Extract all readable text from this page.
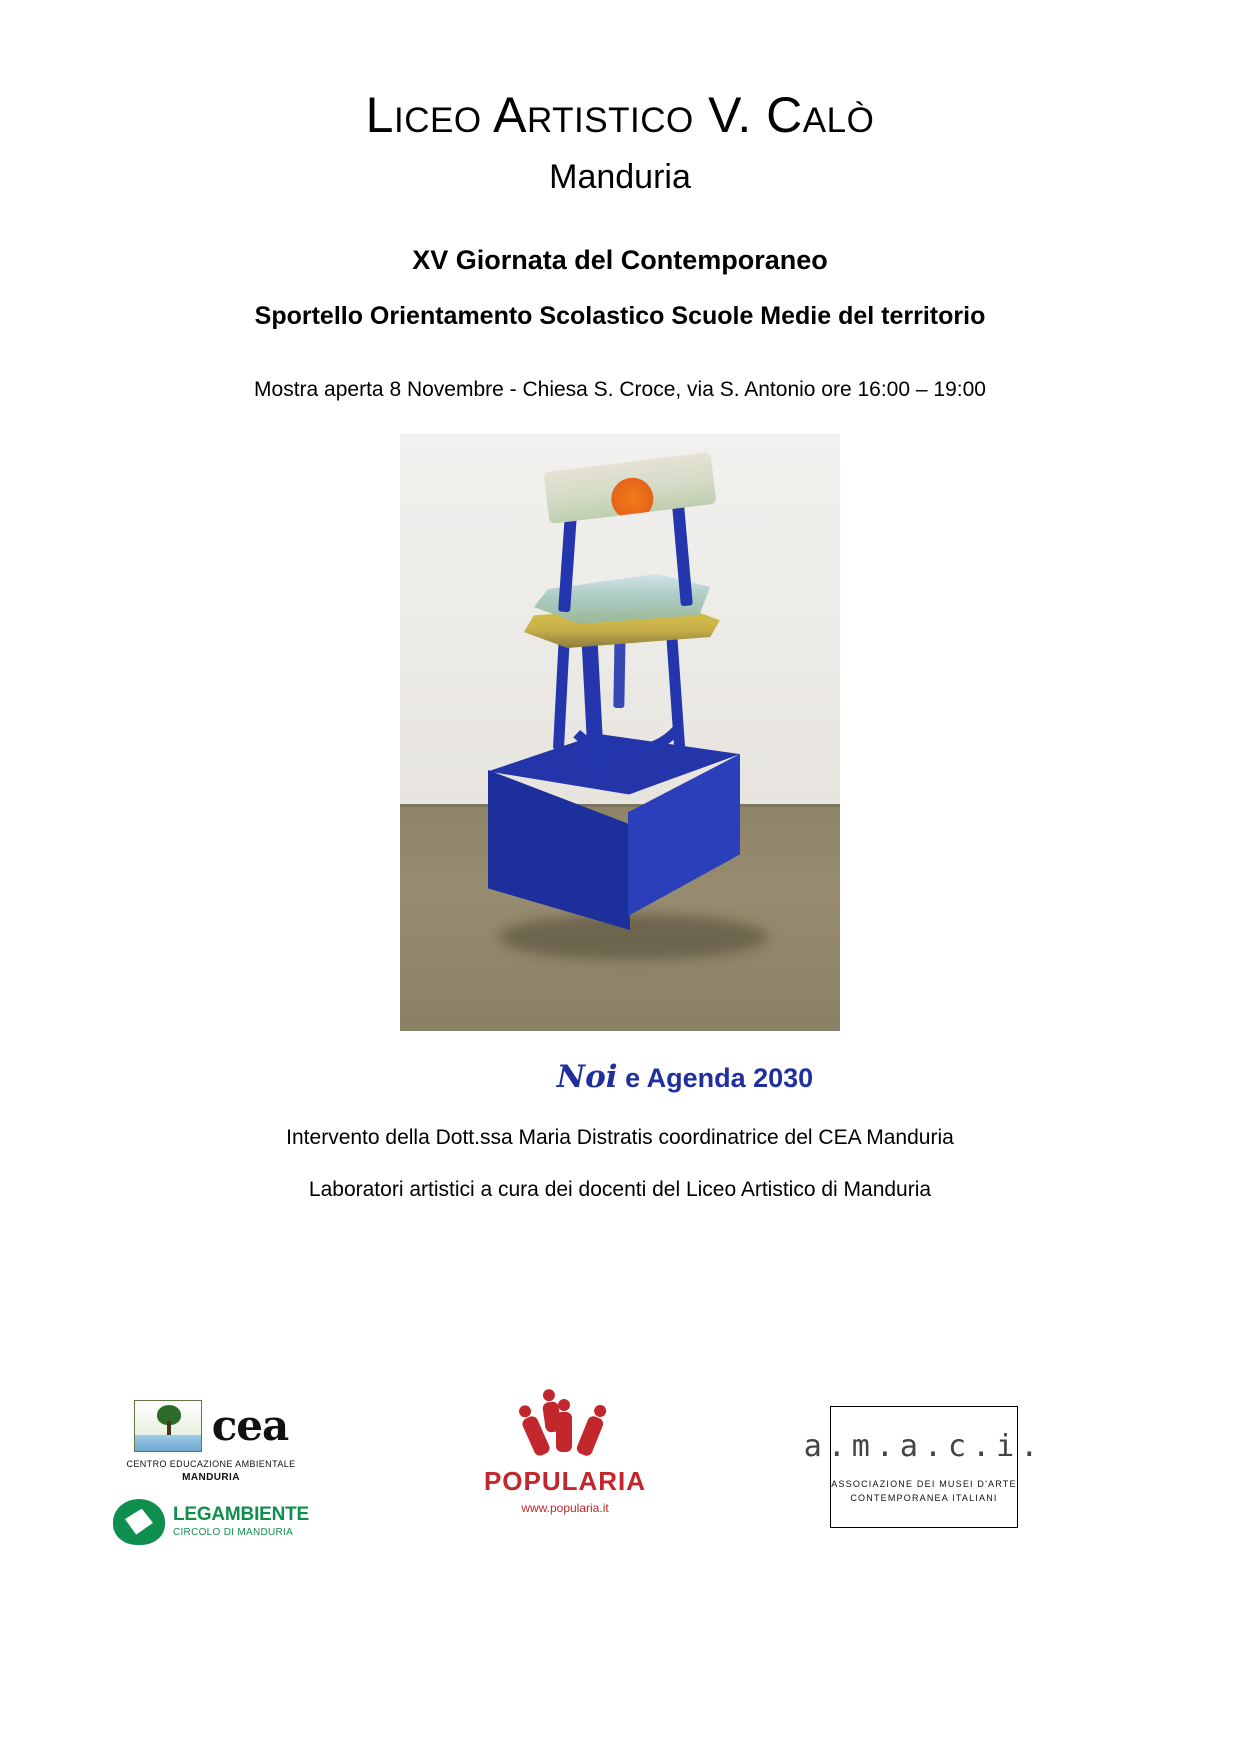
Liceo Artistico V. Calò
Manduria
XV Giornata del Contemporaneo
Sportello Orientamento Scolastico Scuole Medie del territorio
Mostra aperta 8 Novembre - Chiesa S. Croce, via S. Antonio ore 16:00 – 19:00
Noi e Agenda 2030
Intervento della Dott.ssa Maria Distratis coordinatrice del CEA Manduria
Laboratori artistici a cura dei docenti del Liceo Artistico di Manduria
cea
CENTRO EDUCAZIONE AMBIENTALE
MANDURIA
LEGAMBIENTE
CIRCOLO DI MANDURIA
POPULARIA
www.popularia.it
a.m.a.c.i.
ASSOCIAZIONE DEI MUSEI D'ARTE
CONTEMPORANEA ITALIANI
